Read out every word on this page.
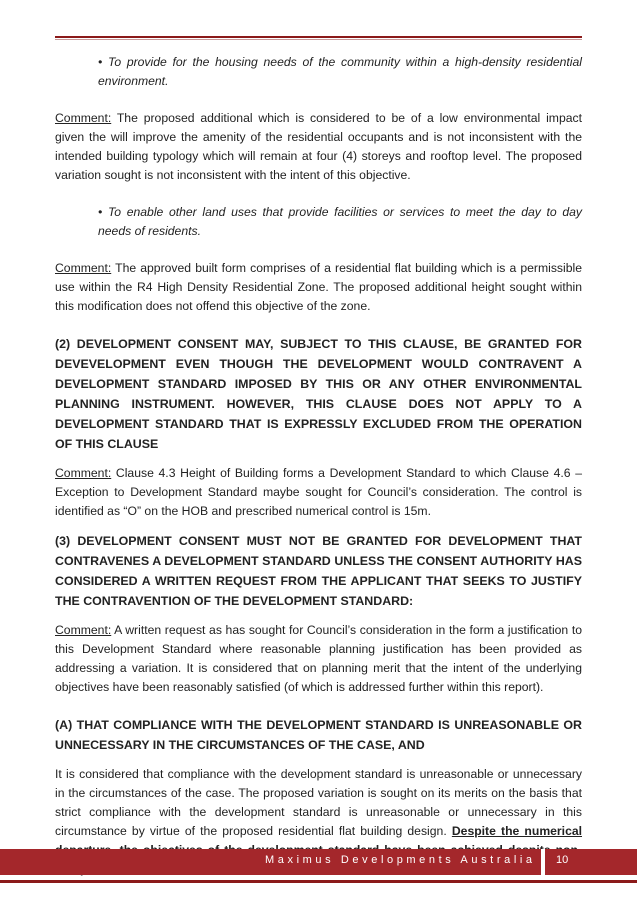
• To provide for the housing needs of the community within a high-density residential environment.

Comment: The proposed additional which is considered to be of a low environmental impact given the will improve the amenity of the residential occupants and is not inconsistent with the intended building typology which will remain at four (4) storeys and rooftop level. The proposed variation sought is not inconsistent with the intent of this objective.

• To enable other land uses that provide facilities or services to meet the day to day needs of residents.

Comment: The approved built form comprises of a residential flat building which is a permissible use within the R4 High Density Residential Zone. The proposed additional height sought within this modification does not offend this objective of the zone.

(2) DEVELOPMENT CONSENT MAY, SUBJECT TO THIS CLAUSE, BE GRANTED FOR DEVEVELOPMENT EVEN THOUGH THE DEVELOPMENT WOULD CONTRAVENT A DEVELOPMENT STANDARD IMPOSED BY THIS OR ANY OTHER ENVIRONMENTAL PLANNING INSTRUMENT. HOWEVER, THIS CLAUSE DOES NOT APPLY TO A DEVELOPMENT STANDARD THAT IS EXPRESSLY EXCLUDED FROM THE OPERATION OF THIS CLAUSE

Comment: Clause 4.3 Height of Building forms a Development Standard to which Clause 4.6 – Exception to Development Standard maybe sought for Council’s consideration. The control is identified as “O” on the HOB and prescribed numerical control is 15m.

(3) DEVELOPMENT CONSENT MUST NOT BE GRANTED FOR DEVELOPMENT THAT CONTRAVENES A DEVELOPMENT STANDARD UNLESS THE CONSENT AUTHORITY HAS CONSIDERED A WRITTEN REQUEST FROM THE APPLICANT THAT SEEKS TO JUSTIFY THE CONTRAVENTION OF THE DEVELOPMENT STANDARD:

Comment: A written request as has sought for Council’s consideration in the form a justification to this Development Standard where reasonable planning justification has been provided as addressing a variation. It is considered that on planning merit that the intent of the underlying objectives have been reasonably satisfied (of which is addressed further within this report).

(A) THAT COMPLIANCE WITH THE DEVELOPMENT STANDARD IS UNREASONABLE OR UNNECESSARY IN THE CIRCUMSTANCES OF THE CASE, AND

It is considered that compliance with the development standard is unreasonable or unnecessary in the circumstances of the case. The proposed variation is sought on its merits on the basis that strict compliance with the development standard is unreasonable or unnecessary in this circumstance by virtue of the proposed residential flat building design. Despite the numerical

Maximus Developments Australia 10
